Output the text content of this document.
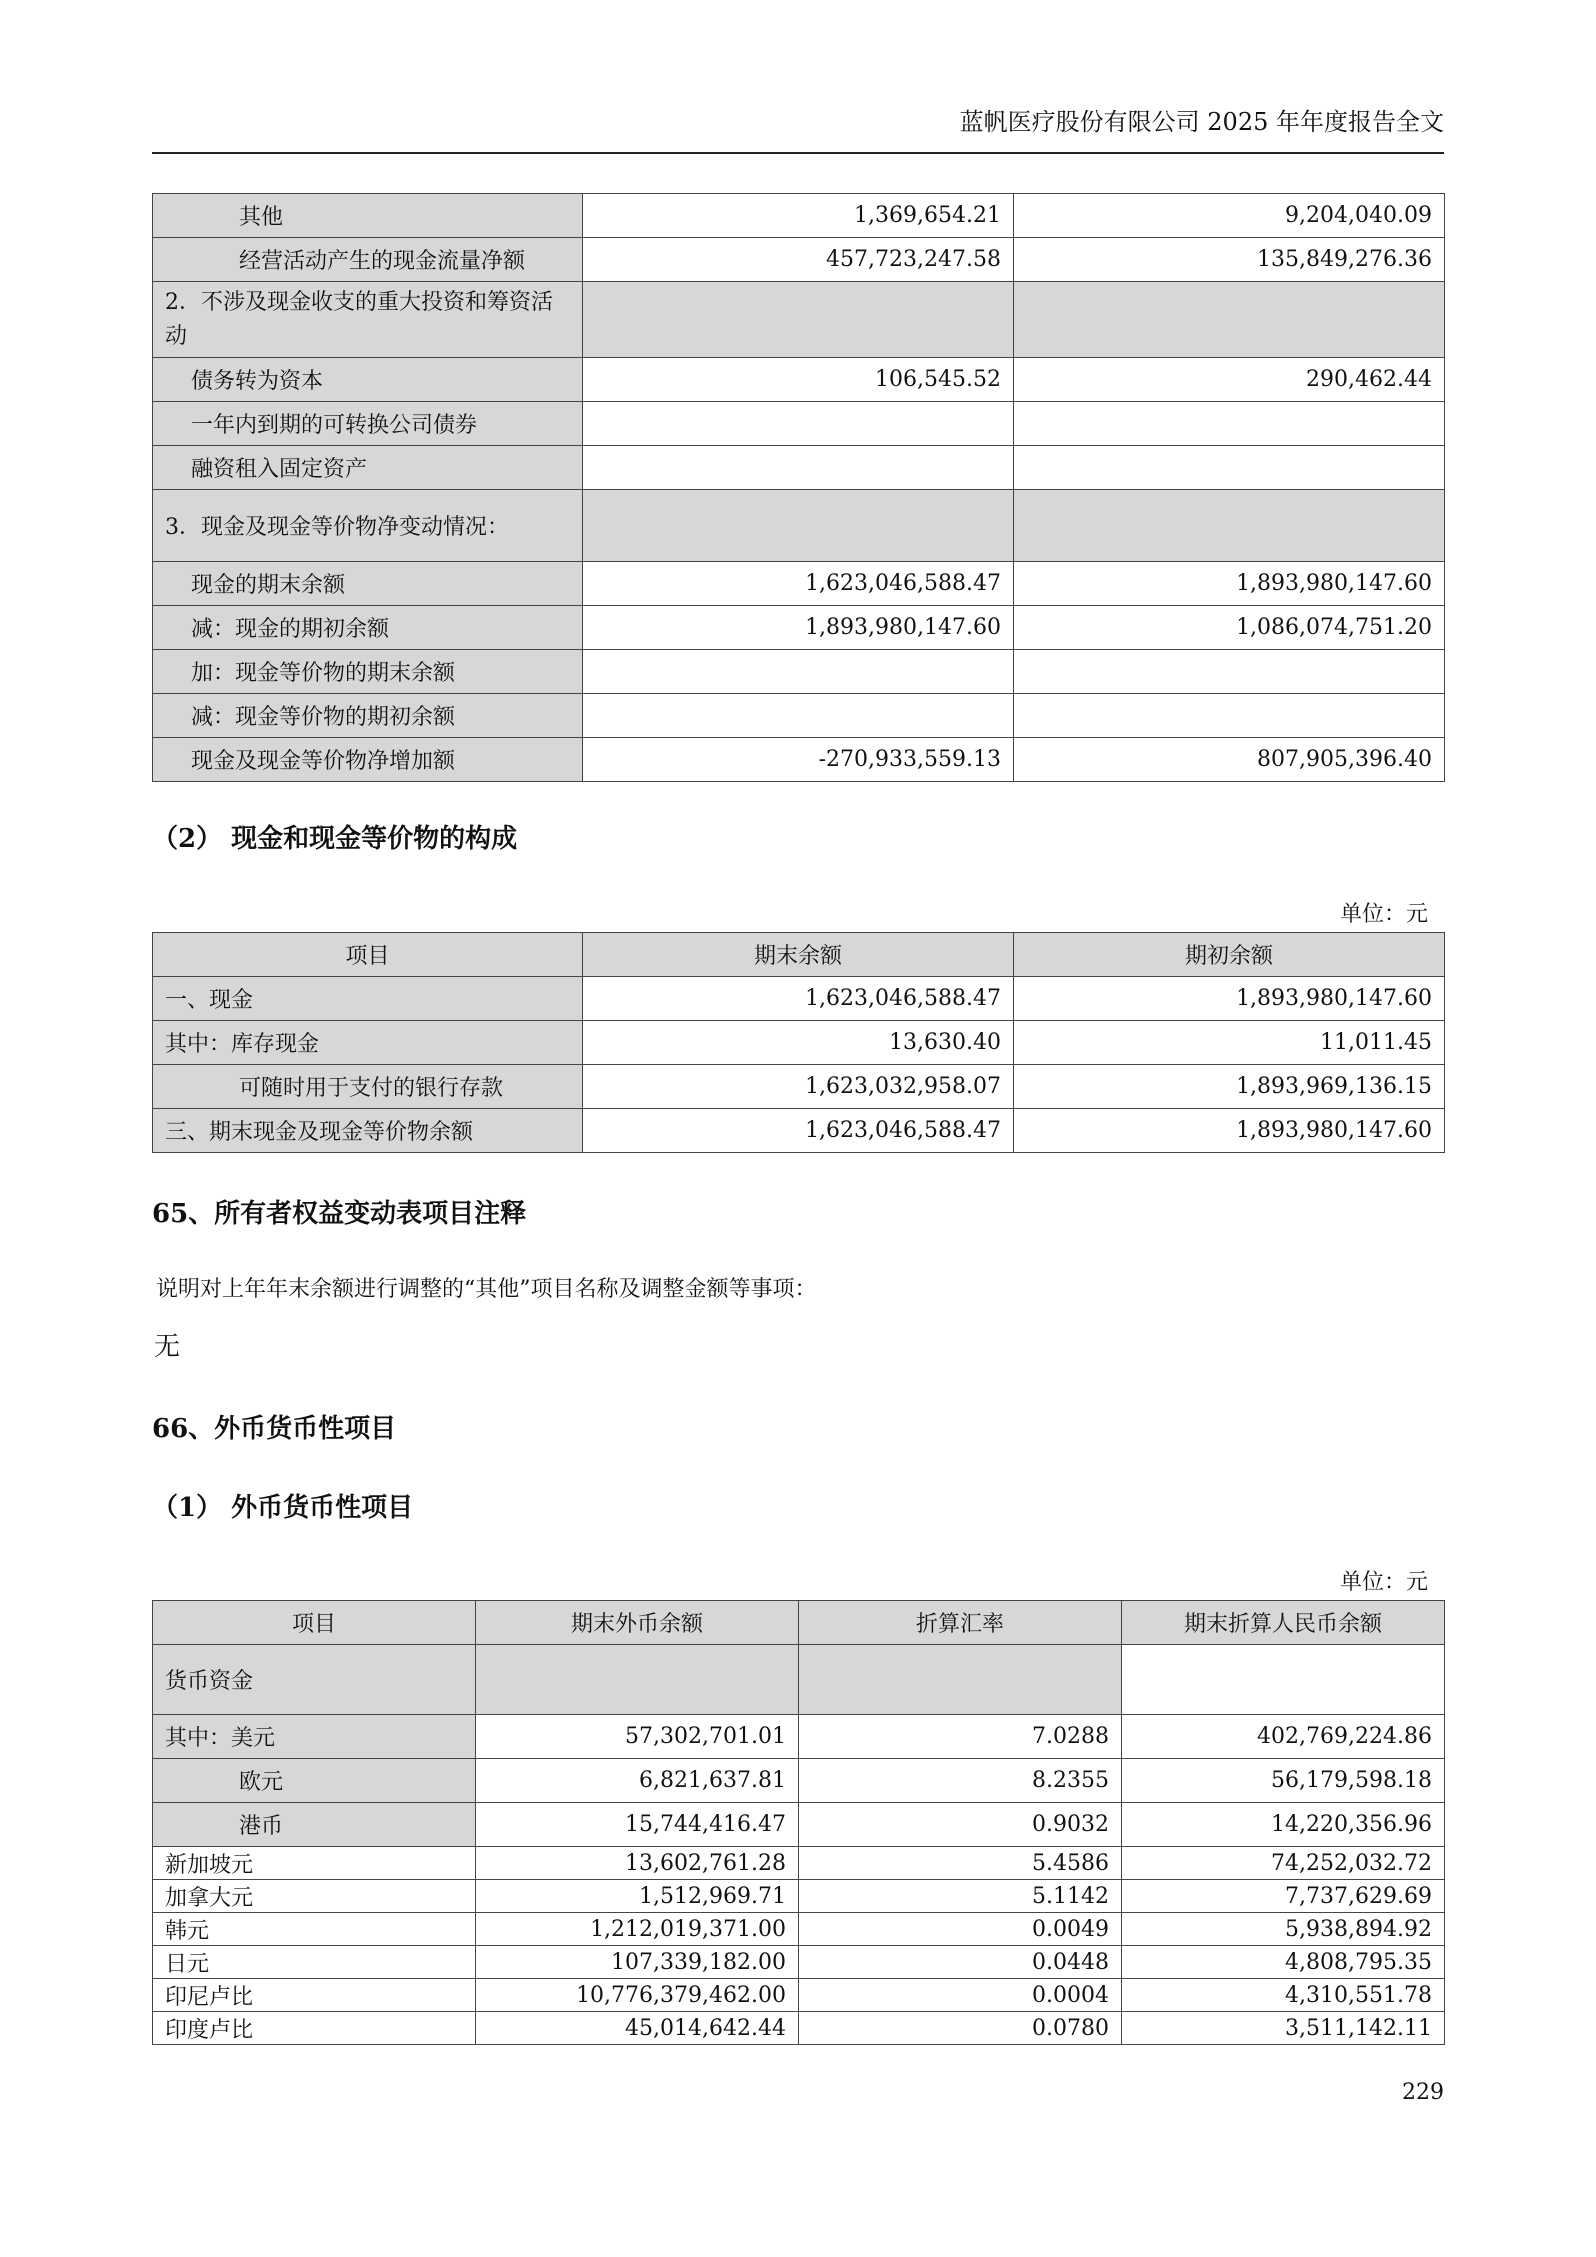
蓝帆医疗股份有限公司 2025 年年度报告全文
其他	1,369,654.21	9,204,040.09
经营活动产生的现金流量净额	457,723,247.58	135,849,276.36
2．不涉及现金收支的重大投资和筹资活动		
债务转为资本	106,545.52	290,462.44
一年内到期的可转换公司债券		
融资租入固定资产		
3．现金及现金等价物净变动情况：		
现金的期末余额	1,623,046,588.47	1,893,980,147.60
减：现金的期初余额	1,893,980,147.60	1,086,074,751.20
加：现金等价物的期末余额		
减：现金等价物的期初余额		
现金及现金等价物净增加额	-270,933,559.13	807,905,396.40
（2） 现金和现金等价物的构成
单位：元
项目	期末余额	期初余额
一、现金	1,623,046,588.47	1,893,980,147.60
其中：库存现金	13,630.40	11,011.45
可随时用于支付的银行存款	1,623,032,958.07	1,893,969,136.15
三、期末现金及现金等价物余额	1,623,046,588.47	1,893,980,147.60
65、所有者权益变动表项目注释
说明对上年年末余额进行调整的“其他”项目名称及调整金额等事项：
无
66、外币货币性项目
（1） 外币货币性项目
单位：元
项目	期末外币余额	折算汇率	期末折算人民币余额
货币资金			
其中：美元	57,302,701.01	7.0288	402,769,224.86
欧元	6,821,637.81	8.2355	56,179,598.18
港币	15,744,416.47	0.9032	14,220,356.96
新加坡元	13,602,761.28	5.4586	74,252,032.72
加拿大元	1,512,969.71	5.1142	7,737,629.69
韩元	1,212,019,371.00	0.0049	5,938,894.92
日元	107,339,182.00	0.0448	4,808,795.35
印尼卢比	10,776,379,462.00	0.0004	4,310,551.78
印度卢比	45,014,642.44	0.0780	3,511,142.11
229
